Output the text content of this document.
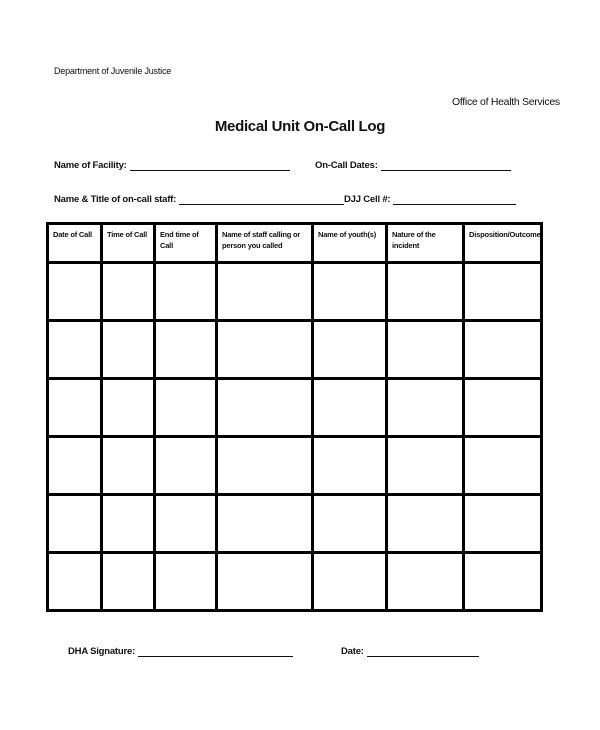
Department of Juvenile Justice
Office of Health Services
Medical Unit On-Call Log
Name of Facility:	On-Call Dates:
Name & Title of on-call staff:	DJJ Cell #:
Date of Call	Time of Call	End time of Call	Name of staff calling or person you called	Name of youth(s)	Nature of the incident	Disposition/Outcome

DHA Signature:	Date:
